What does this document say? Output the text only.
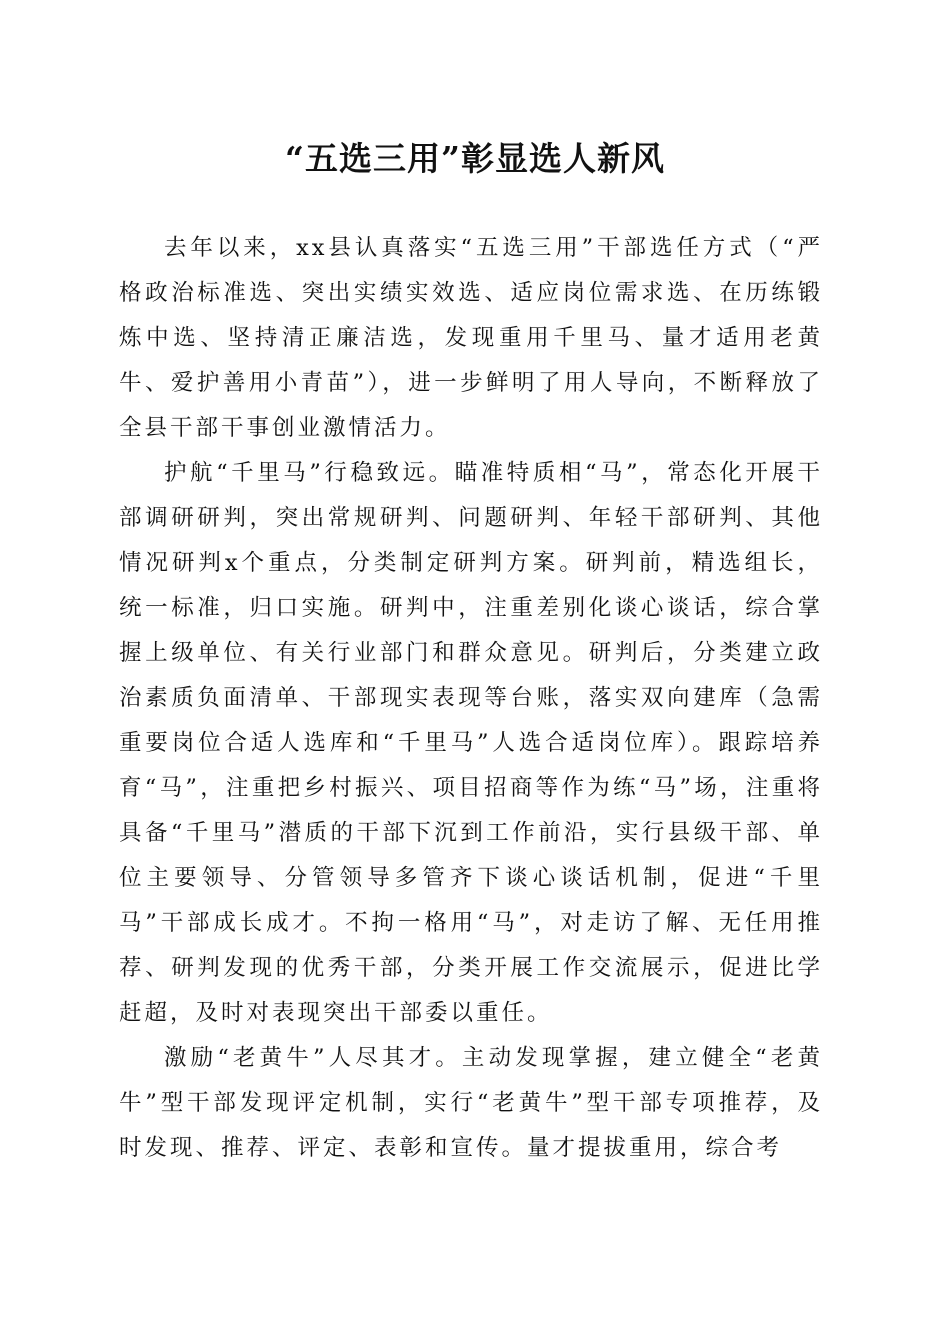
“五选三用”彰显选人新风

去年以来，xx县认真落实“五选三用”干部选任方式（“严格政治标准选、突出实绩实效选、适应岗位需求选、在历练锻炼中选、坚持清正廉洁选，发现重用千里马、量才适用老黄牛、爱护善用小青苗”），进一步鲜明了用人导向，不断释放了全县干部干事创业激情活力。

护航“千里马”行稳致远。瞄准特质相“马”，常态化开展干部调研研判，突出常规研判、问题研判、年轻干部研判、其他情况研判x个重点，分类制定研判方案。研判前，精选组长，统一标准，归口实施。研判中，注重差别化谈心谈话，综合掌握上级单位、有关行业部门和群众意见。研判后，分类建立政治素质负面清单、干部现实表现等台账，落实双向建库（急需重要岗位合适人选库和“千里马”人选合适岗位库）。跟踪培养育“马”，注重把乡村振兴、项目招商等作为练“马”场，注重将具备“千里马”潜质的干部下沉到工作前沿，实行县级干部、单位主要领导、分管领导多管齐下谈心谈话机制，促进“千里马”干部成长成才。不拘一格用“马”，对走访了解、无任用推荐、研判发现的优秀干部，分类开展工作交流展示，促进比学赶超，及时对表现突出干部委以重任。

激励“老黄牛”人尽其才。主动发现掌握，建立健全“老黄牛”型干部发现评定机制，实行“老黄牛”型干部专项推荐，及时发现、推荐、评定、表彰和宣传。量才提拔重用，综合考
